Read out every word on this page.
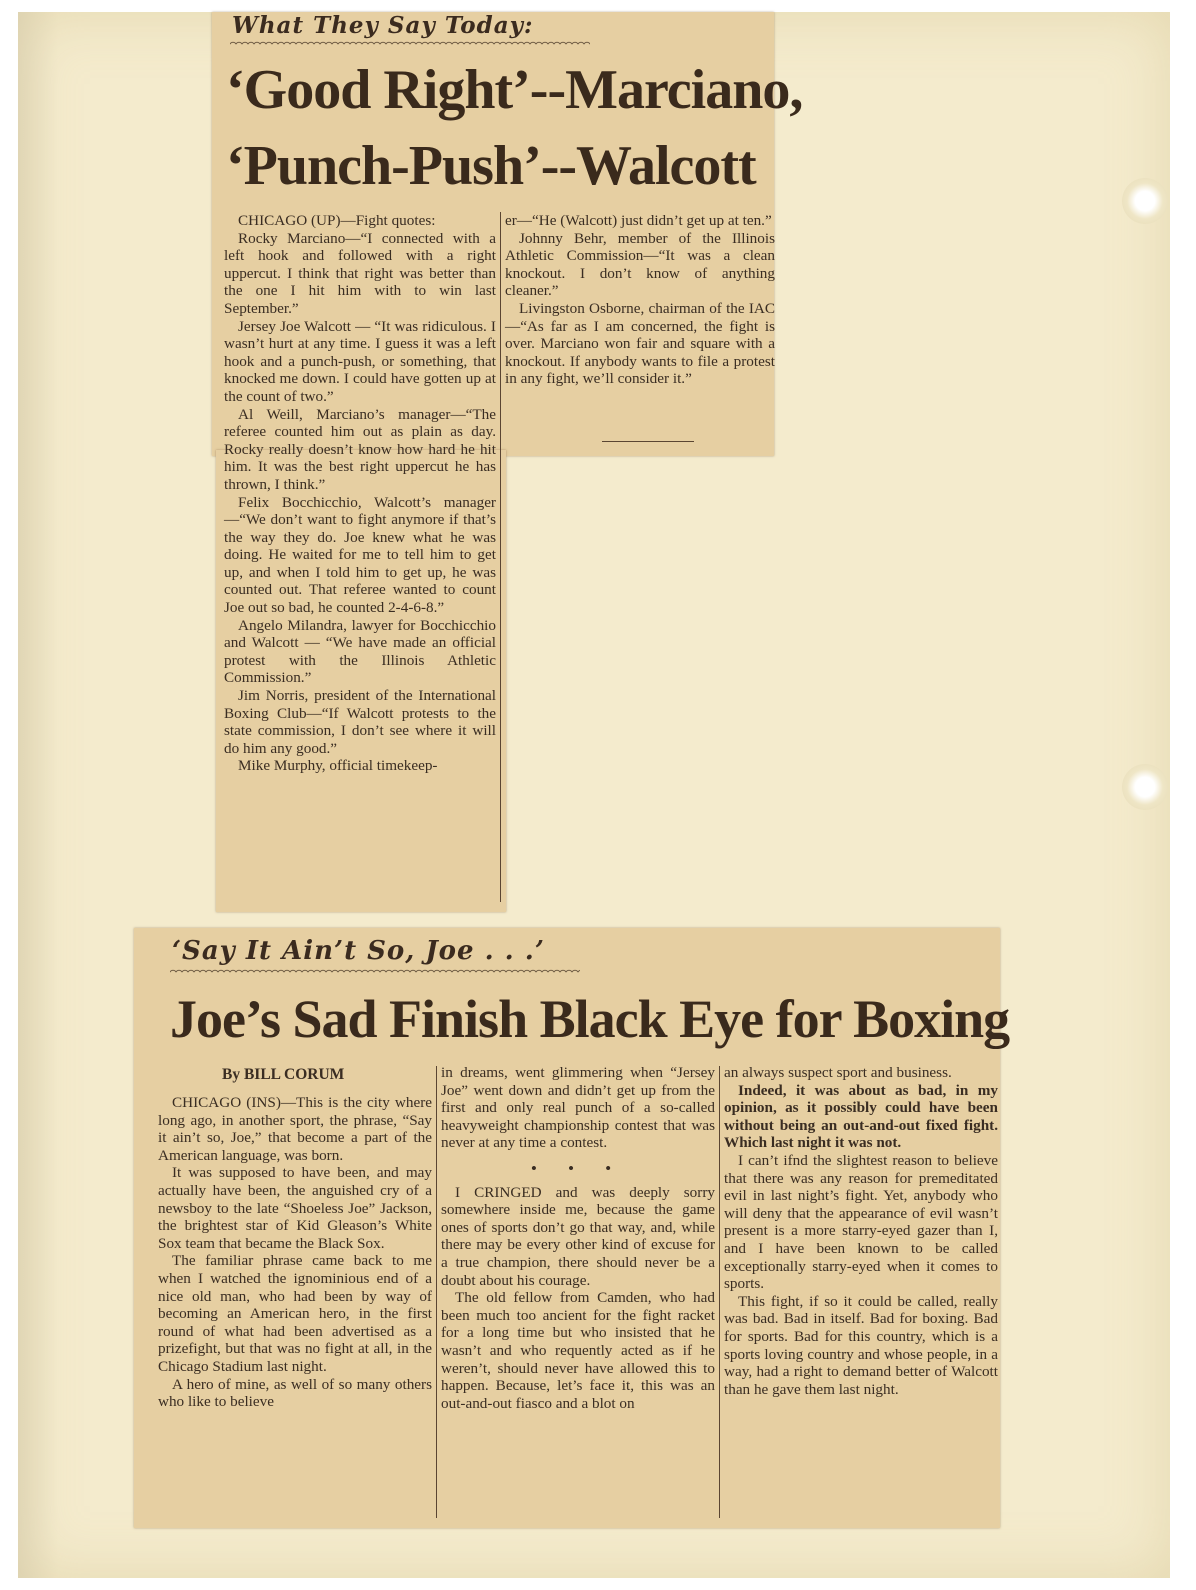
What They Say Today:
‘Good Right’--Marciano,
‘Punch-Push’--Walcott

CHICAGO (UP)—Fight quotes:

Rocky Marciano—“I connected with a left hook and followed with a right uppercut. I think that right was better than the one I hit him with to win last September.”

Jersey Joe Walcott — “It was ridiculous. I wasn’t hurt at any time. I guess it was a left hook and a punch-push, or something, that knocked me down. I could have gotten up at the count of two.”

Al Weill, Marciano’s manager—“The referee counted him out as plain as day. Rocky really doesn’t know how hard he hit him. It was the best right uppercut he has thrown, I think.”

Felix Bocchicchio, Walcott’s manager—“We don’t want to fight anymore if that’s the way they do. Joe knew what he was doing. He waited for me to tell him to get up, and when I told him to get up, he was counted out. That referee wanted to count Joe out so bad, he counted 2-4-6-8.”

Angelo Milandra, lawyer for Bocchicchio and Walcott — “We have made an official protest with the Illinois Athletic Commission.”

Jim Norris, president of the International Boxing Club—“If Walcott protests to the state commission, I don’t see where it will do him any good.”

Mike Murphy, official timekeep-

er—“He (Walcott) just didn’t get up at ten.”

Johnny Behr, member of the Illinois Athletic Commission—“It was a clean knockout. I don’t know of anything cleaner.”

Livingston Osborne, chairman of the IAC—“As far as I am concerned, the fight is over. Marciano won fair and square with a knockout. If anybody wants to file a protest in any fight, we’ll consider it.”

‘Say It Ain’t So, Joe . . .’
Joe’s Sad Finish Black Eye for Boxing
By BILL CORUM

CHICAGO (INS)—This is the city where long ago, in another sport, the phrase, “Say it ain’t so, Joe,” that become a part of the American language, was born.

It was supposed to have been, and may actually have been, the anguished cry of a newsboy to the late “Shoeless Joe” Jackson, the brightest star of Kid Gleason’s White Sox team that became the Black Sox.

The familiar phrase came back to me when I watched the ignominious end of a nice old man, who had been by way of becoming an American hero, in the first round of what had been advertised as a prizefight, but that was no fight at all, in the Chicago Stadium last night.

A hero of mine, as well of so many others who like to believe

in dreams, went glimmering when “Jersey Joe” went down and didn’t get up from the first and only real punch of a so-called heavyweight championship contest that was never at any time a contest.

• • •

I CRINGED and was deeply sorry somewhere inside me, because the game ones of sports don’t go that way, and, while there may be every other kind of excuse for a true champion, there should never be a doubt about his courage.

The old fellow from Camden, who had been much too ancient for the fight racket for a long time but who insisted that he wasn’t and who requently acted as if he weren’t, should never have allowed this to happen. Because, let’s face it, this was an out-and-out fiasco and a blot on

an always suspect sport and business.

Indeed, it was about as bad, in my opinion, as it possibly could have been without being an out-and-out fixed fight. Which last night it was not.

I can’t ifnd the slightest reason to believe that there was any reason for premeditated evil in last night’s fight. Yet, anybody who will deny that the appearance of evil wasn’t present is a more starry-eyed gazer than I, and I have been known to be called exceptionally starry-eyed when it comes to sports.

This fight, if so it could be called, really was bad. Bad in itself. Bad for boxing. Bad for sports. Bad for this country, which is a sports loving country and whose people, in a way, had a right to demand better of Walcott than he gave them last night.
